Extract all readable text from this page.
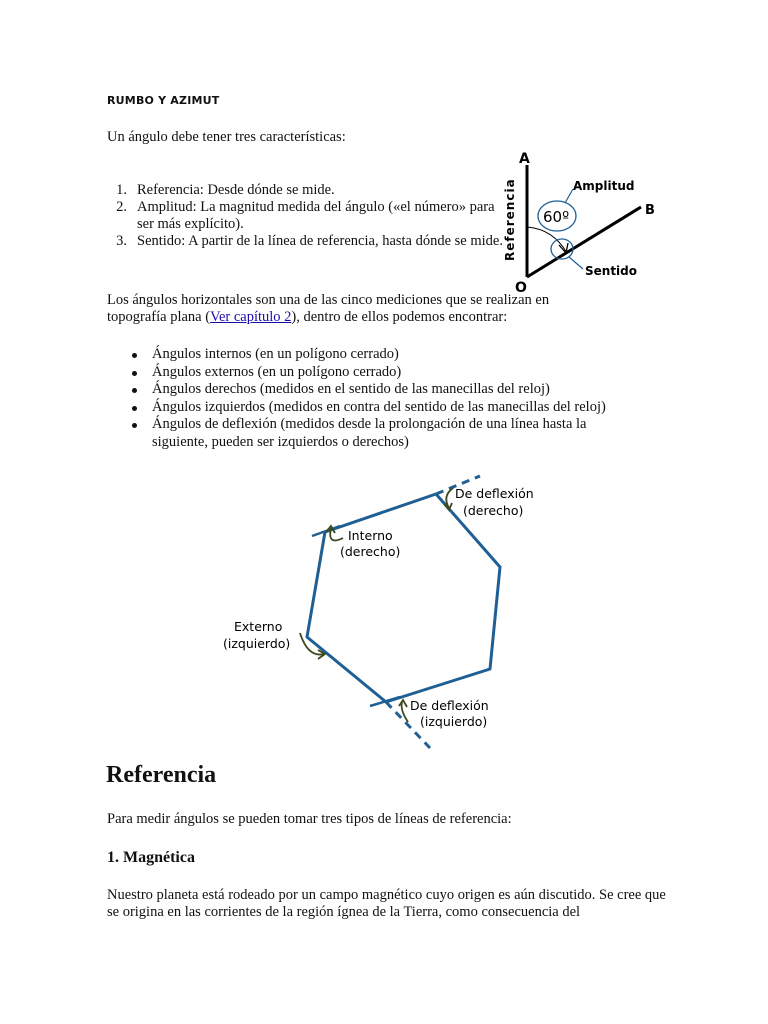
RUMBO Y AZIMUT
Un ángulo debe tener tres características:
1. Referencia: Desde dónde se mide.
2. Amplitud: La magnitud medida del ángulo («el número» para ser más explícito).
3. Sentido: A partir de la línea de referencia, hasta dónde se mide.
A
B
O
Referencia 60º
Amplitud
Sentido
Los ángulos horizontales son una de las cinco mediciones que se realizan en topografía plana (Ver capítulo 2), dentro de ellos podemos encontrar:
Ángulos internos (en un polígono cerrado)
Ángulos externos (en un polígono cerrado)
Ángulos derechos (medidos en el sentido de las manecillas del reloj)
Ángulos izquierdos (medidos en contra del sentido de las manecillas del reloj)
Ángulos de deflexión (medidos desde la prolongación de una línea hasta la siguiente, pueden ser izquierdos o derechos)
De deflexión
(derecho)
Interno
(derecho)
Externo
(izquierdo)
De deflexión
(izquierdo)
Referencia
Para medir ángulos se pueden tomar tres tipos de líneas de referencia:
1. Magnética
Nuestro planeta está rodeado por un campo magnético cuyo origen es aún discutido. Se cree que se origina en las corrientes de la región ígnea de la Tierra, como consecuencia del
